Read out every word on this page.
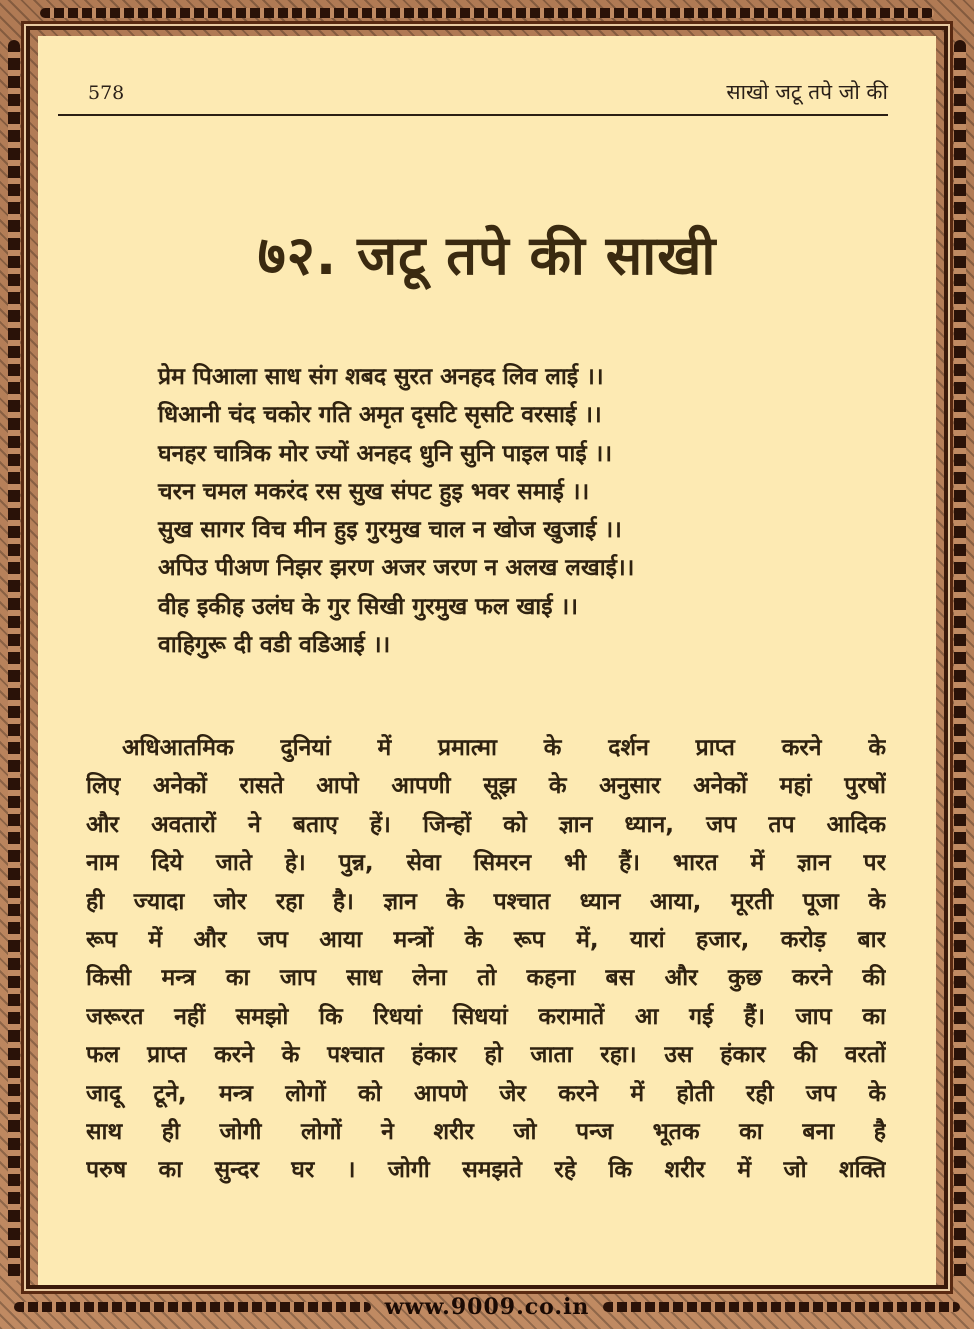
578	साखो जटू तपे जो की
७२. जटू तपे की साखी
प्रेम पिआला साध संग शबद सुरत अनहद लिव लाई ।।
धिआनी चंद चकोर गति अमृत दृसटि सृसटि वरसाई ।।
घनहर चात्रिक मोर ज्यों अनहद धुनि सुनि पाइल पाई ।।
चरन चमल मकरंद रस सुख संपट हुइ भवर समाई ।।
सुख सागर विच मीन हुइ गुरमुख चाल न खोज खुजाई ।।
अपिउ पीअण निझर झरण अजर जरण न अलख लखाई।।
वीह इकीह उलंघ के गुर सिखी गुरमुख फल खाई ।।
वाहिगुरू दी वडी वडिआई ।।
अधिआतमिक दुनियां में प्रमात्मा के दर्शन प्राप्त करने के
लिए अनेकों रासते आपो आपणी सूझ के अनुसार अनेकों महां पुरषों
और अवतारों ने बताए हें। जिन्हों को ज्ञान ध्यान, जप तप आदिक
नाम दिये जाते हे। पुन्न, सेवा सिमरन भी हैं। भारत में ज्ञान पर
ही ज्यादा जोर रहा है। ज्ञान के पश्चात ध्यान आया, मूरती पूजा के
रूप में और जप आया मन्त्रों के रूप में, यारां हजार, करोड़ बार
किसी मन्त्र का जाप साध लेना तो कहना बस और कुछ करने की
जरूरत नहीं समझो कि रिधयां सिधयां करामातें आ गई हैं। जाप का
फल प्राप्त करने के पश्चात हंकार हो जाता रहा। उस हंकार की वरतों
जादू टूने, मन्त्र लोगों को आपणे जेर करने में होती रही जप के
साथ ही जोगी लोगों ने शरीर जो पन्ज भूतक का बना है
परुष का सुन्दर घर । जोगी समझते रहे कि शरीर में जो शक्ति
www.9009.co.in
